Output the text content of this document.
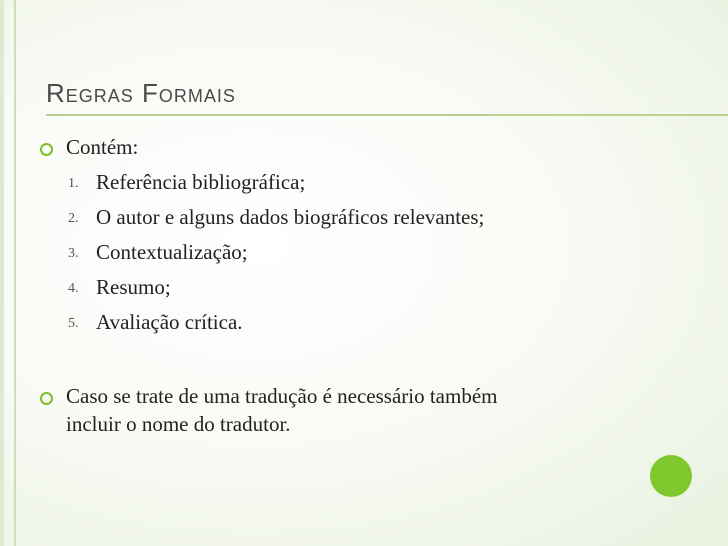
Regras Formais
Contém:
1. Referência bibliográfica;
2. O autor e alguns dados biográficos relevantes;
3. Contextualização;
4. Resumo;
5. Avaliação crítica.
Caso se trate de uma tradução é necessário também
incluir o nome do tradutor.
